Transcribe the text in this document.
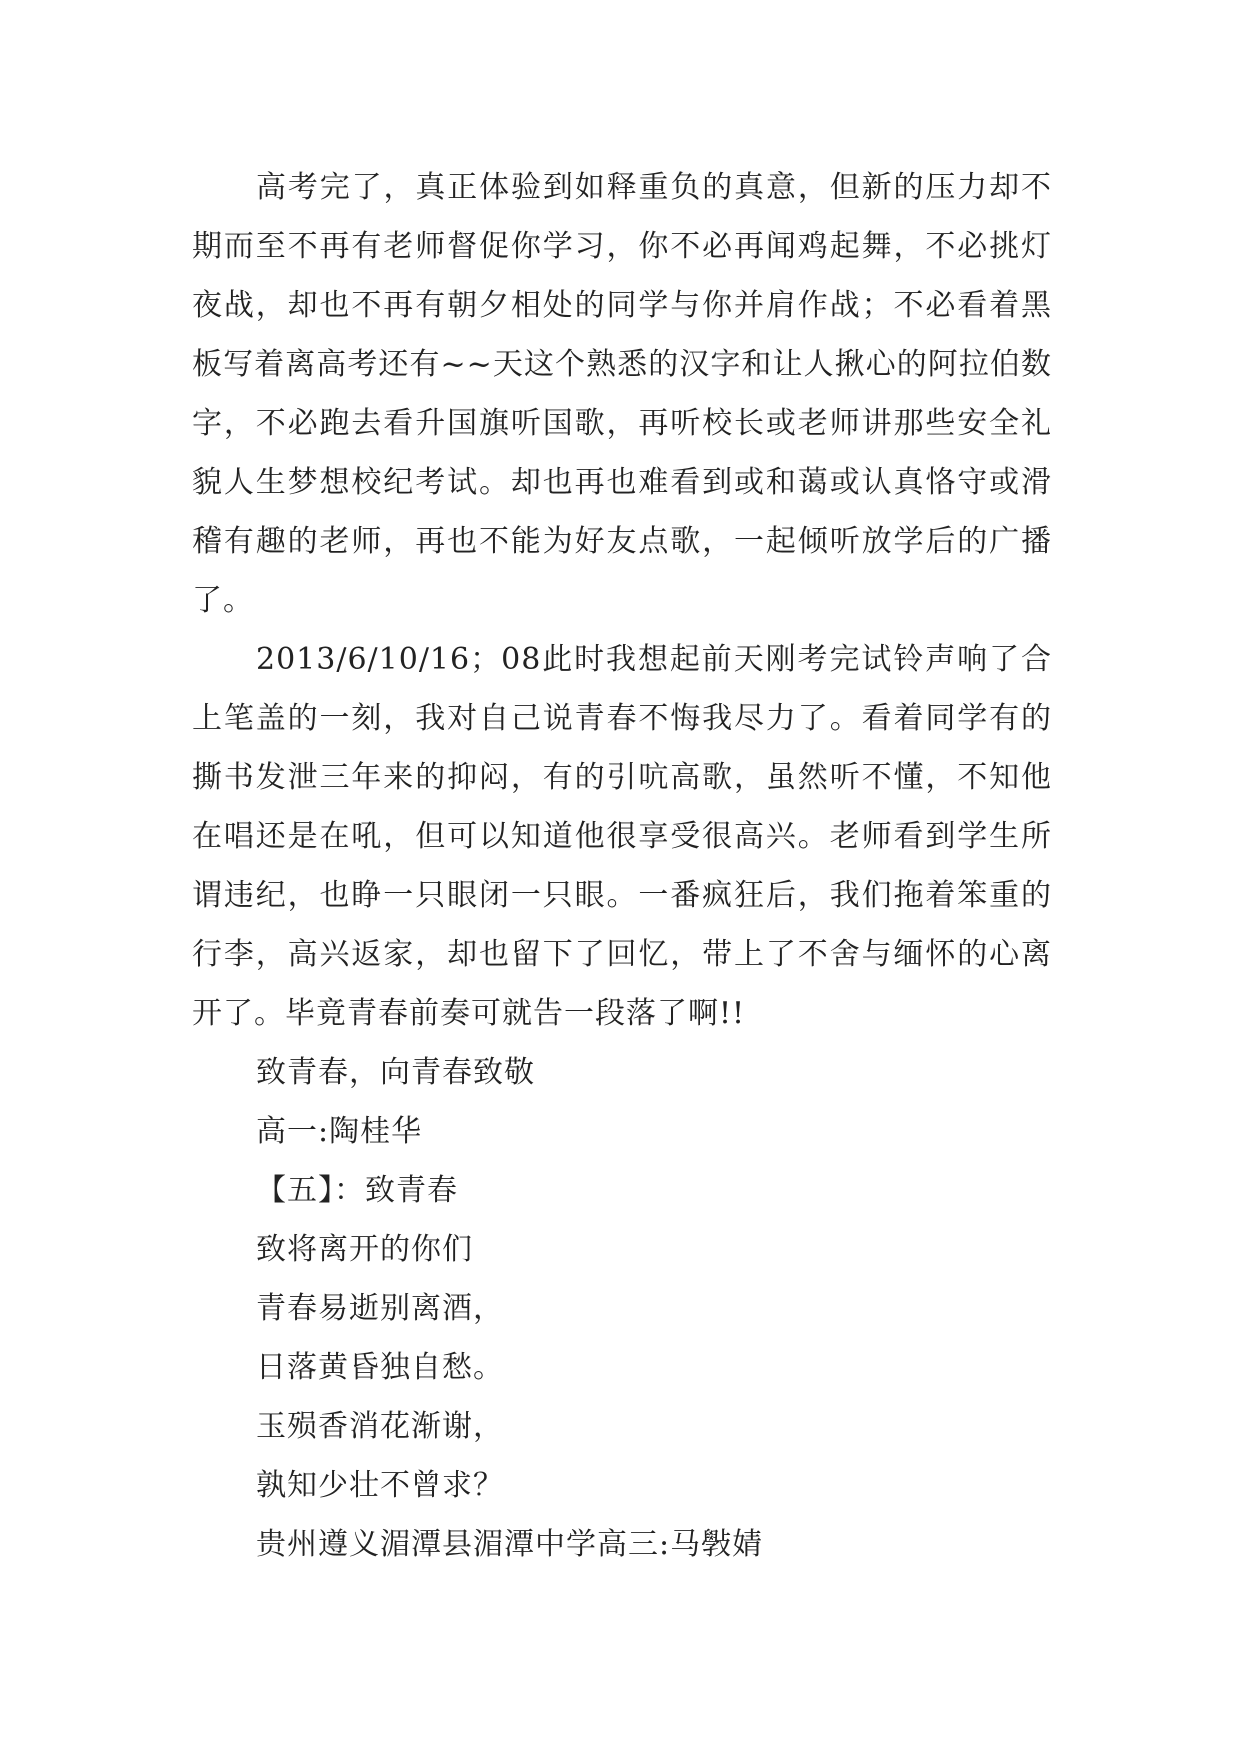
高考完了，真正体验到如释重负的真意，但新的压力却不期而至不再有老师督促你学习，你不必再闻鸡起舞，不必挑灯夜战，却也不再有朝夕相处的同学与你并肩作战；不必看着黑板写着离高考还有~~天这个熟悉的汉字和让人揪心的阿拉伯数字，不必跑去看升国旗听国歌，再听校长或老师讲那些安全礼貌人生梦想校纪考试。却也再也难看到或和蔼或认真恪守或滑稽有趣的老师，再也不能为好友点歌，一起倾听放学后的广播了。

2013/6/10/16；08此时我想起前天刚考完试铃声响了合上笔盖的一刻，我对自己说青春不悔我尽力了。看着同学有的撕书发泄三年来的抑闷，有的引吭高歌，虽然听不懂，不知他在唱还是在吼，但可以知道他很享受很高兴。老师看到学生所谓违纪，也睁一只眼闭一只眼。一番疯狂后，我们拖着笨重的行李，高兴返家，却也留下了回忆，带上了不舍与缅怀的心离开了。毕竟青春前奏可就告一段落了啊!!

致青春，向青春致敬

高一:陶桂华

【五】：致青春

致将离开的你们

青春易逝别离酒，

日落黄昏独自愁。

玉殒香消花渐谢，

孰知少壮不曾求？

贵州遵义湄潭县湄潭中学高三:马斅婧
